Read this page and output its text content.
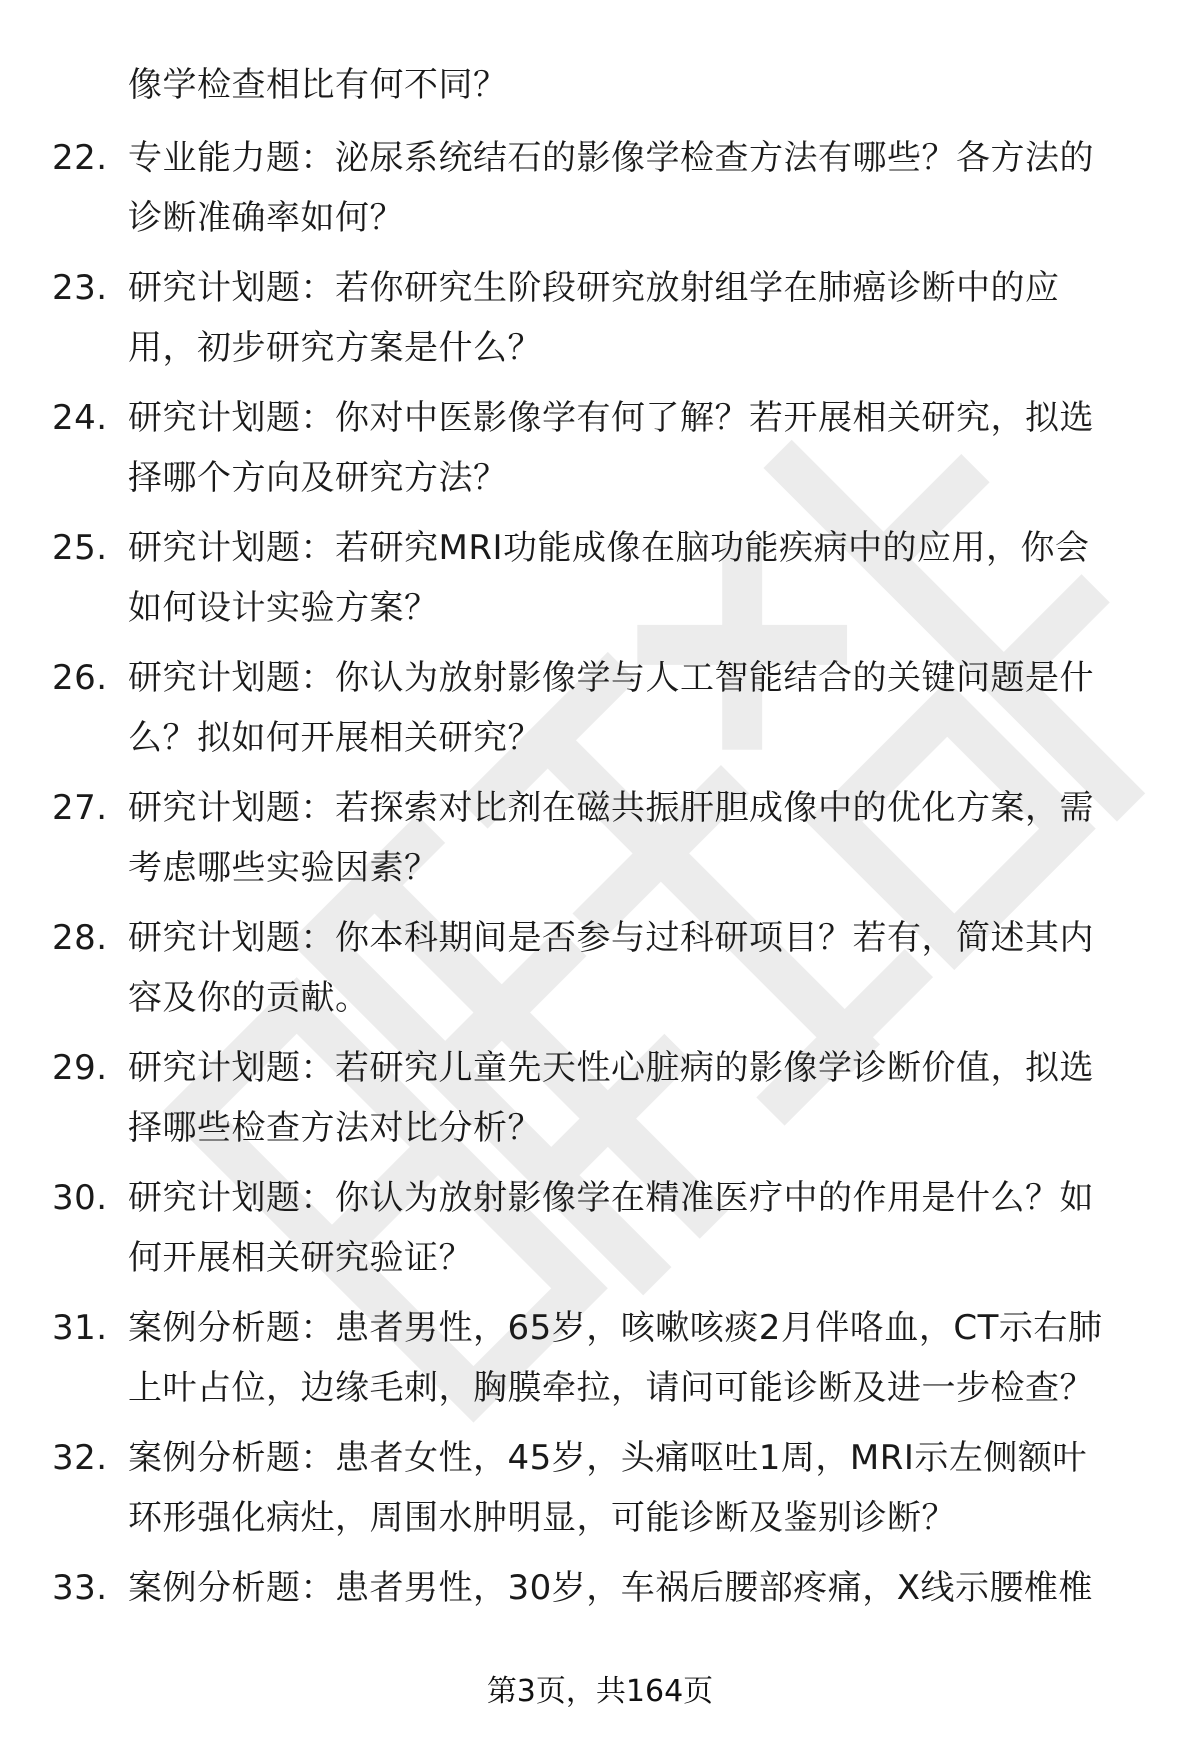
像学检查相比有何不同？
22. 专业能力题：泌尿系统结石的影像学检查方法有哪些？各方法的
诊断准确率如何？
23. 研究计划题：若你研究生阶段研究放射组学在肺癌诊断中的应
用，初步研究方案是什么？
24. 研究计划题：你对中医影像学有何了解？若开展相关研究，拟选
择哪个方向及研究方法？
25. 研究计划题：若研究MRI功能成像在脑功能疾病中的应用，你会
如何设计实验方案？
26. 研究计划题：你认为放射影像学与人工智能结合的关键问题是什
么？拟如何开展相关研究？
27. 研究计划题：若探索对比剂在磁共振肝胆成像中的优化方案，需
考虑哪些实验因素？
28. 研究计划题：你本科期间是否参与过科研项目？若有，简述其内
容及你的贡献。
29. 研究计划题：若研究儿童先天性心脏病的影像学诊断价值，拟选
择哪些检查方法对比分析？
30. 研究计划题：你认为放射影像学在精准医疗中的作用是什么？如
何开展相关研究验证？
31. 案例分析题：患者男性，65岁，咳嗽咳痰2月伴咯血，CT示右肺
上叶占位，边缘毛刺，胸膜牵拉，请问可能诊断及进一步检查？
32. 案例分析题：患者女性，45岁，头痛呕吐1周，MRI示左侧额叶
环形强化病灶，周围水肿明显，可能诊断及鉴别诊断？
33. 案例分析题：患者男性，30岁，车祸后腰部疼痛，X线示腰椎椎
第3页，共164页
